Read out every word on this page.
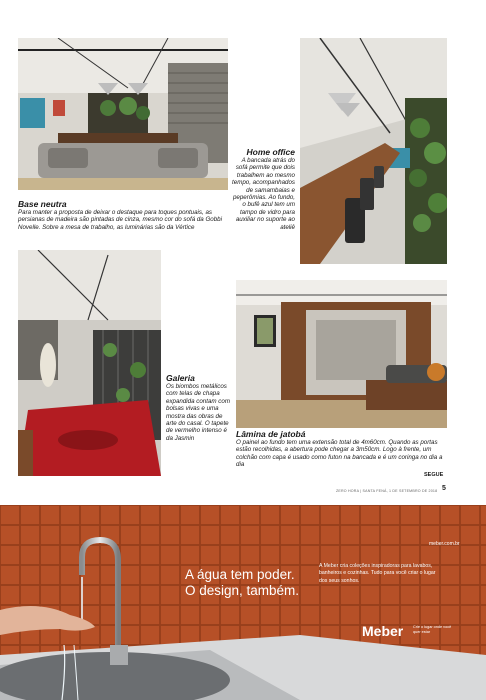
Base neutra
Para manter a proposta de deixar o destaque para toques pontuais, as persianas de madeira são pintadas de cinza, mesmo cor do sofá da Gobbi Novelle. Sobre a mesa de trabalho, as luminárias são da Vértice
Home office
A bancada atrás do sofá permite que dois trabalhem ao mesmo tempo, acompanhados de samambaias e peperômias. Ao fundo, o bufê azul tem um tampo de vidro para auxiliar no suporte ao ateliê
Galeria
Os biombos metálicos com telas de chapa expandida contam com bolsas vivas e uma mostra das obras de arte do casal. O tapete de vermelho intenso é da Jasmin	Lâmina de jatobá
O painel ao fundo tem uma extensão total de 4m60cm. Quando as portas estão recolhidas, a abertura pode chegar a 3m50cm. Logo à frente, um colchão com capa é usado como futon na bancada e é um coringa no dia a dia
SEGUE
ZERO HORA | SANTA FENÁ, 1 DE SETEMBRO DE 2018 5
meber.com.br
A água tem poder.
O design, também.
A Meber cria coleções inspiradoras para lavabos, banheiros e cozinhas. Tudo para você criar o lugar dos seus sonhos.
Meber	Crie o lugar onde você quer estar
